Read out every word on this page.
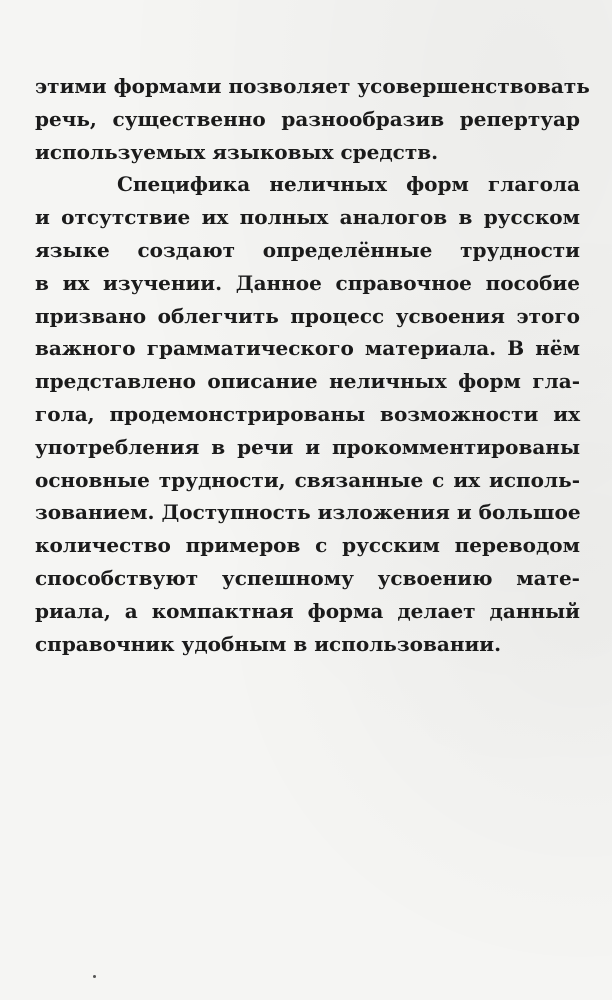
этими формами позволяет усовершенствовать
речь, существенно разнообразив репертуар
используемых языковых средств.
Специфика неличных форм глагола
и отсутствие их полных аналогов в русском
языке создают определённые трудности
в их изучении. Данное справочное пособие
призвано облегчить процесс усвоения этого
важного грамматического материала. В нём
представлено описание неличных форм гла-
гола, продемонстрированы возможности их
употребления в речи и прокомментированы
основные трудности, связанные с их исполь-
зованием. Доступность изложения и большое
количество примеров с русским переводом
способствуют успешному усвоению мате-
риала, а компактная форма делает данный
справочник удобным в использовании.
